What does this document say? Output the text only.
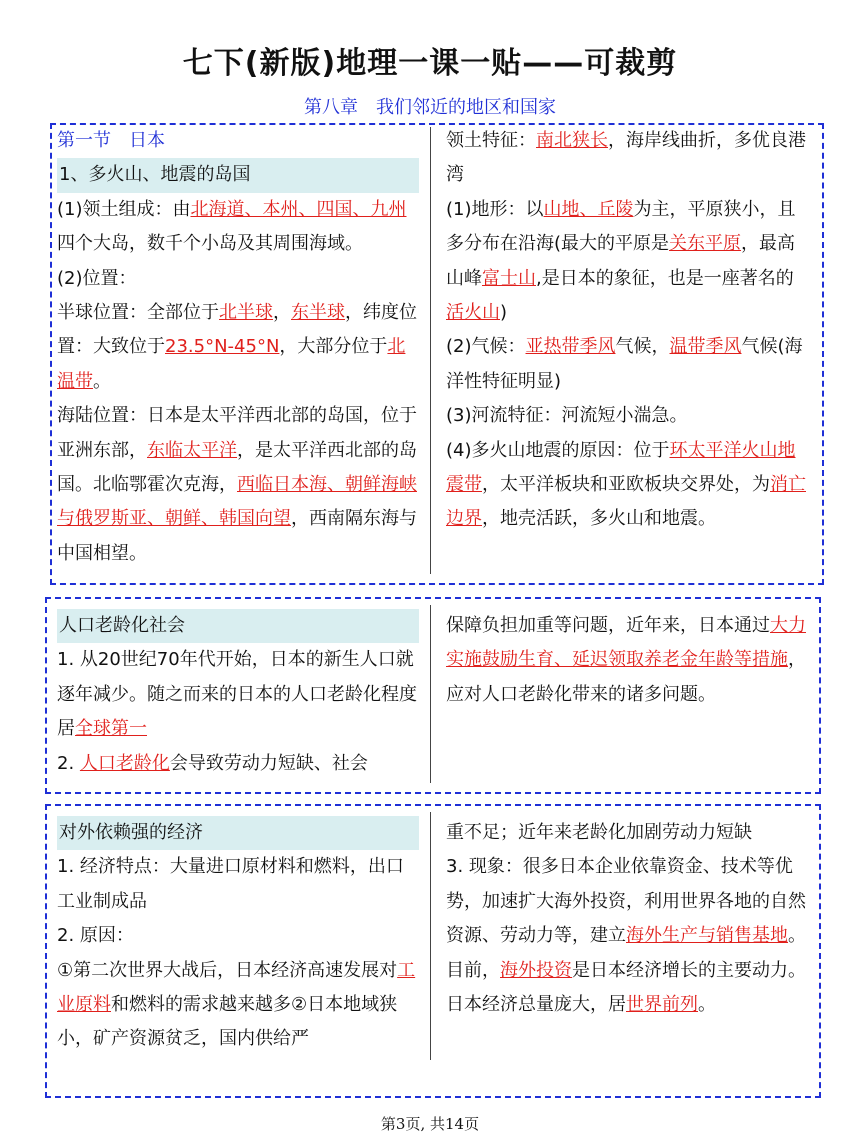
七下(新版)地理一课一贴——可裁剪
第八章　我们邻近的地区和国家

第一节　日本

1、多火山、地震的岛国

(1)领土组成：由北海道、本州、四国、九州四个大岛，数千个小岛及其周围海域。

(2)位置：

半球位置：全部位于北半球，东半球，纬度位置：大致位于23.5°N-45°N，大部分位于北温带。

海陆位置：日本是太平洋西北部的岛国，位于亚洲东部，东临太平洋，是太平洋西北部的岛国。北临鄂霍次克海，西临日本海、朝鲜海峡与俄罗斯亚、朝鲜、韩国向望，西南隔东海与中国相望。

领土特征：南北狭长，海岸线曲折，多优良港湾

(1)地形：以山地、丘陵为主，平原狭小，且多分布在沿海(最大的平原是关东平原，最高山峰富士山,是日本的象征，也是一座著名的活火山)

(2)气候：亚热带季风气候，温带季风气候(海洋性特征明显)

(3)河流特征：河流短小湍急。

(4)多火山地震的原因：位于环太平洋火山地震带，太平洋板块和亚欧板块交界处，为消亡边界，地壳活跃，多火山和地震。

人口老龄化社会

1. 从20世纪70年代开始，日本的新生人口就逐年减少。随之而来的日本的人口老龄化程度居全球第一

2. 人口老龄化会导致劳动力短缺、社会

保障负担加重等问题，近年来，日本通过大力实施鼓励生育、延迟领取养老金年龄等措施，应对人口老龄化带来的诸多问题。

对外依赖强的经济

1. 经济特点：大量进口原材料和燃料，出口工业制成品

2. 原因：

①第二次世界大战后，日本经济高速发展对工业原料和燃料的需求越来越多②日本地域狭小，矿产资源贫乏，国内供给严

重不足；近年来老龄化加剧劳动力短缺

3. 现象：很多日本企业依靠资金、技术等优势，加速扩大海外投资，利用世界各地的自然资源、劳动力等，建立海外生产与销售基地。目前，海外投资是日本经济增长的主要动力。日本经济总量庞大，居世界前列。

第3页, 共14页
